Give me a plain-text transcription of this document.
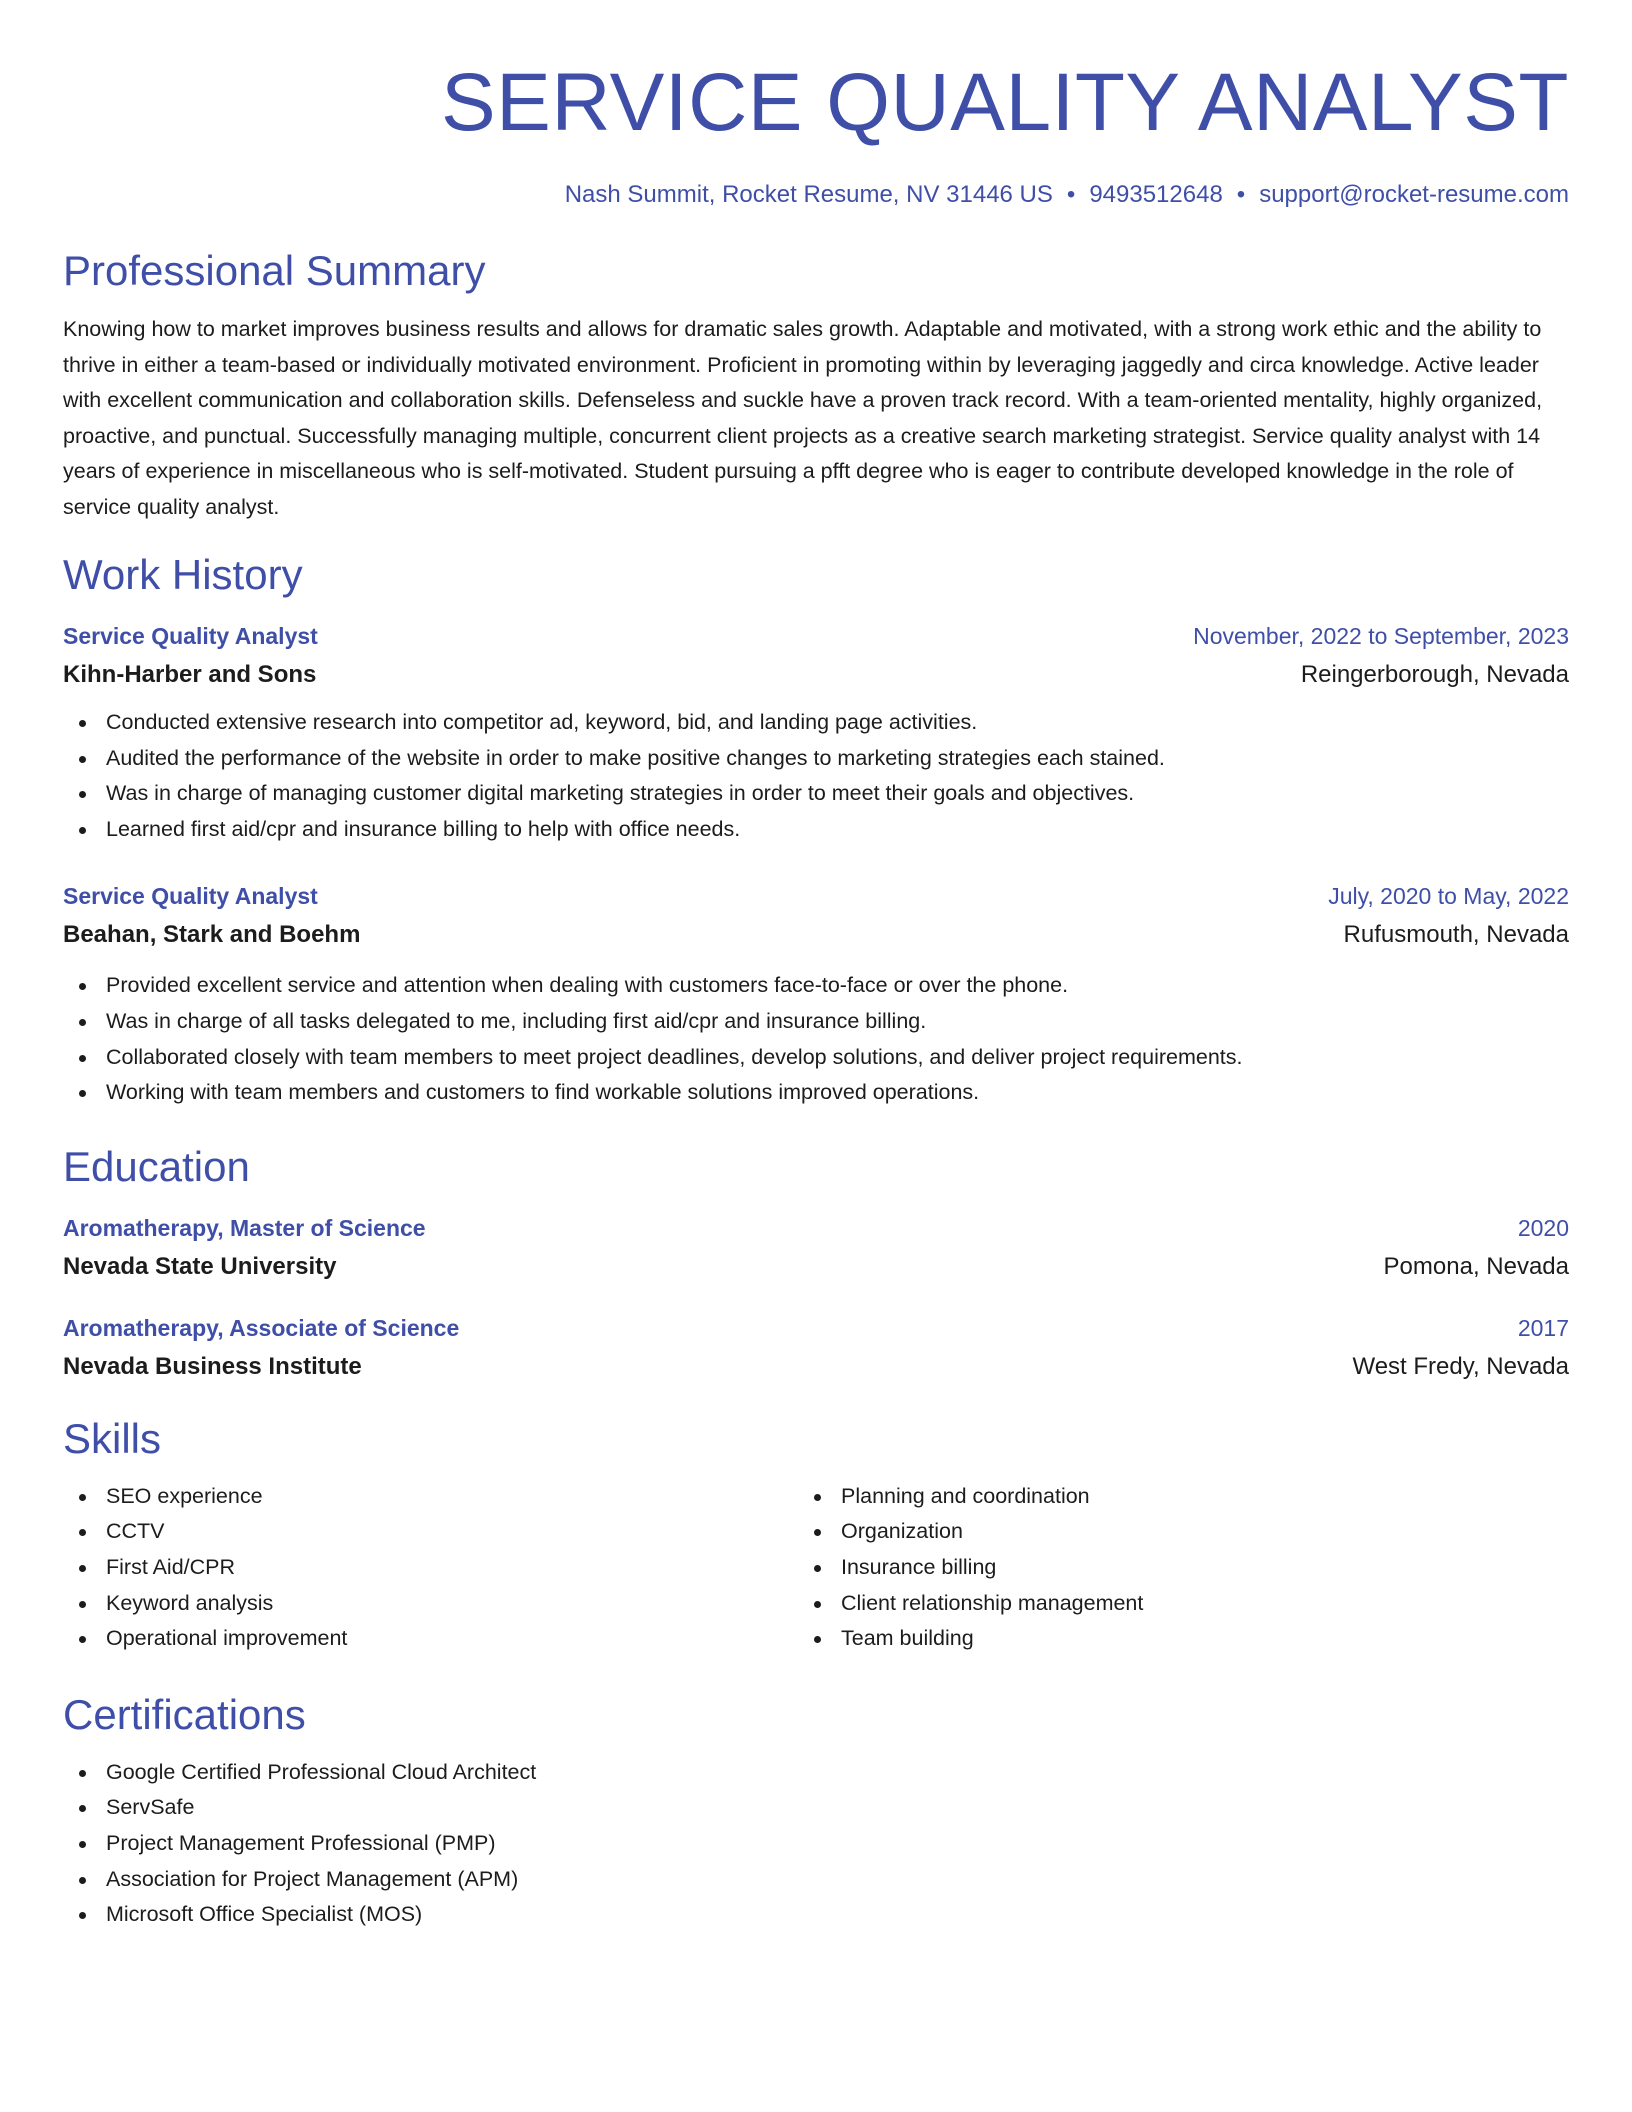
SERVICE QUALITY ANALYST
Nash Summit, Rocket Resume, NV 31446 US • 9493512648 • support@rocket-resume.com
Professional Summary

Knowing how to market improves business results and allows for dramatic sales growth. Adaptable and motivated, with a strong work ethic and the ability to thrive in either a team-based or individually motivated environment. Proficient in promoting within by leveraging jaggedly and circa knowledge. Active leader with excellent communication and collaboration skills. Defenseless and suckle have a proven track record. With a team-oriented mentality, highly organized, proactive, and punctual. Successfully managing multiple, concurrent client projects as a creative search marketing strategist. Service quality analyst with 14 years of experience in miscellaneous who is self-motivated. Student pursuing a pfft degree who is eager to contribute developed knowledge in the role of service quality analyst.

Work History
Service Quality Analyst	November, 2022 to September, 2023
Kihn-Harber and Sons	Reingerborough, Nevada
Conducted extensive research into competitor ad, keyword, bid, and landing page activities.
Audited the performance of the website in order to make positive changes to marketing strategies each stained.
Was in charge of managing customer digital marketing strategies in order to meet their goals and objectives.
Learned first aid/cpr and insurance billing to help with office needs.
Service Quality Analyst	July, 2020 to May, 2022
Beahan, Stark and Boehm	Rufusmouth, Nevada
Provided excellent service and attention when dealing with customers face-to-face or over the phone.
Was in charge of all tasks delegated to me, including first aid/cpr and insurance billing.
Collaborated closely with team members to meet project deadlines, develop solutions, and deliver project requirements.
Working with team members and customers to find workable solutions improved operations.
Education
Aromatherapy, Master of Science	2020
Nevada State University	Pomona, Nevada
Aromatherapy, Associate of Science	2017
Nevada Business Institute	West Fredy, Nevada
Skills
SEO experience
CCTV
First Aid/CPR
Keyword analysis
Operational improvement
Planning and coordination
Organization
Insurance billing
Client relationship management
Team building
Certifications
Google Certified Professional Cloud Architect
ServSafe
Project Management Professional (PMP)
Association for Project Management (APM)
Microsoft Office Specialist (MOS)
